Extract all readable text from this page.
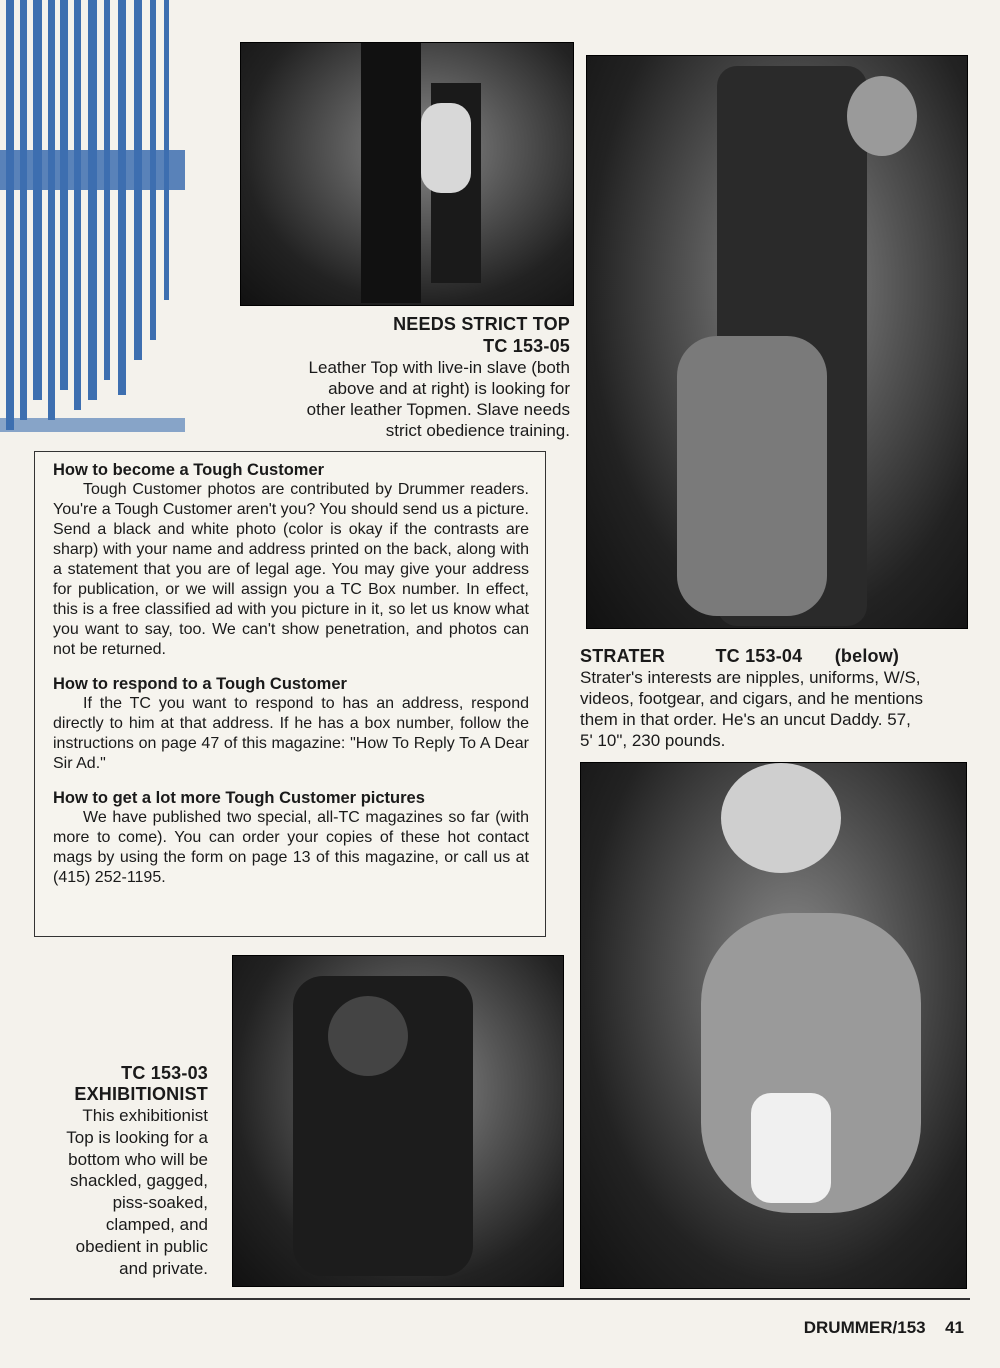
NEEDS STRICT TOP
TC 153-05
Leather Top with live-in slave (both
above and at right) is looking for
other leather Topmen. Slave needs
strict obedience training.
How to become a Tough Customer

Tough Customer photos are contributed by Drummer readers. You're a Tough Customer aren't you? You should send us a picture. Send a black and white photo (color is okay if the contrasts are sharp) with your name and address printed on the back, along with a statement that you are of legal age. You may give your address for publication, or we will assign you a TC Box number. In effect, this is a free classified ad with you picture in it, so let us know what you want to say, too. We can't show penetration, and photos can not be returned.

How to respond to a Tough Customer

If the TC you want to respond to has an address, respond directly to him at that address. If he has a box number, follow the instructions on page 47 of this magazine: "How To Reply To A Dear Sir Ad."

How to get a lot more Tough Customer pictures

We have published two special, all-TC magazines so far (with more to come). You can order your copies of these hot contact mags by using the form on page 13 of this magazine, or call us at (415) 252-1195.

STRATER	TC 153-04 (below)
Strater's interests are nipples, uniforms, W/S,
videos, footgear, and cigars, and he mentions
them in that order. He's an uncut Daddy. 57,
5' 10", 230 pounds.
TC 153-03
EXHIBITIONIST
This exhibitionist
Top is looking for a
bottom who will be
shackled, gagged,
piss-soaked,
clamped, and
obedient in public
and private.
DRUMMER/153 41
